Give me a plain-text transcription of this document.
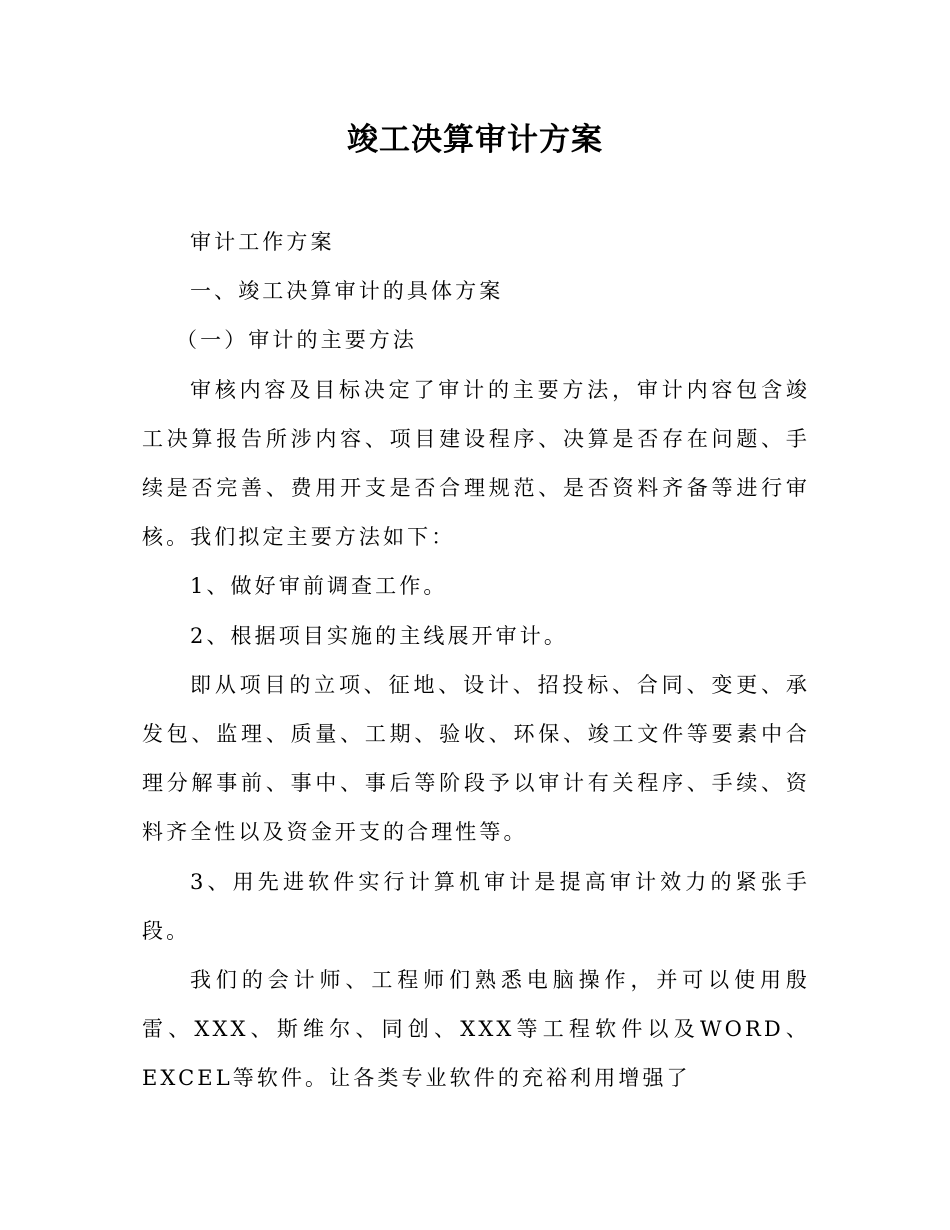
竣工决算审计方案

审计工作方案

一、竣工决算审计的具体方案

（一）审计的主要方法

审核内容及目标决定了审计的主要方法，审计内容包含竣工决算报告所涉内容、项目建设程序、决算是否存在问题、手续是否完善、费用开支是否合理规范、是否资料齐备等进行审核。我们拟定主要方法如下：

1、做好审前调查工作。

2、根据项目实施的主线展开审计。

即从项目的立项、征地、设计、招投标、合同、变更、承发包、监理、质量、工期、验收、环保、竣工文件等要素中合理分解事前、事中、事后等阶段予以审计有关程序、手续、资料齐全性以及资金开支的合理性等。

3、用先进软件实行计算机审计是提高审计效力的紧张手段。

我们的会计师、工程师们熟悉电脑操作，并可以使用殷雷、XXX、斯维尔、同创、XXX等工程软件以及WORD、EXCEL等软件。让各类专业软件的充裕利用增强了
